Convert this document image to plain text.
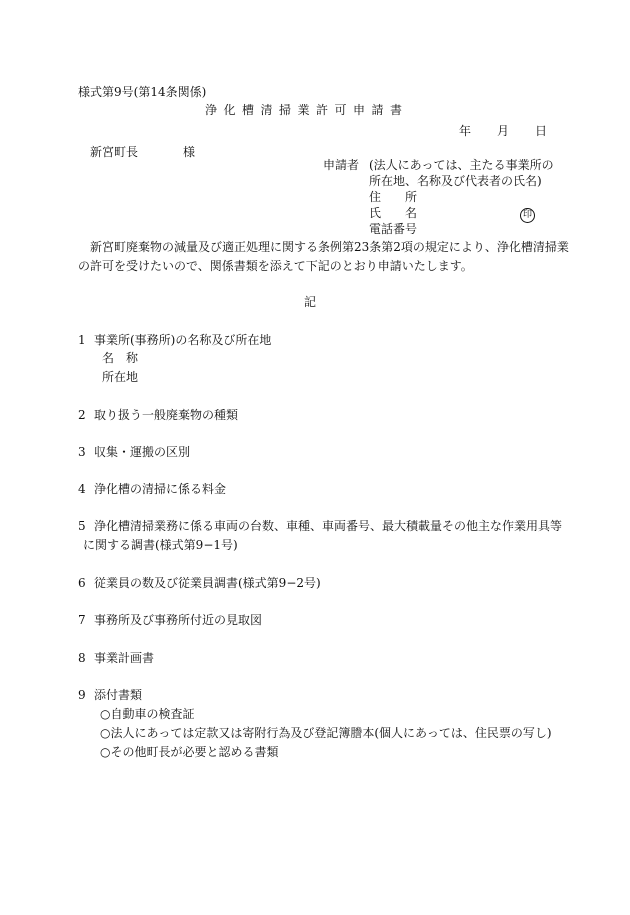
様式第9号(第14条関係)
浄化槽清掃業許可申請書
年 月 日
新宮町長	様
申請者 (法人にあっては、主たる事業所の
所在地、名称及び代表者の氏名)
住　　所
氏　　名	印
電話番号
新宮町廃棄物の減量及び適正処理に関する条例第23条第2項の規定により、浄化槽清掃業
の許可を受けたいので、関係書類を添えて下記のとおり申請いたします。
記
1 事業所(事務所)の名称及び所在地
名　称
所在地
2 取り扱う一般廃棄物の種類
3 収集・運搬の区別
4 浄化槽の清掃に係る料金
5 浄化槽清掃業務に係る車両の台数、車種、車両番号、最大積載量その他主な作業用具等
に関する調書(様式第9−1号)
6 従業員の数及び従業員調書(様式第9−2号)
7 事務所及び事務所付近の見取図
8 事業計画書
9 添付書類
○自動車の検査証
○法人にあっては定款又は寄附行為及び登記簿謄本(個人にあっては、住民票の写し)
○その他町長が必要と認める書類
